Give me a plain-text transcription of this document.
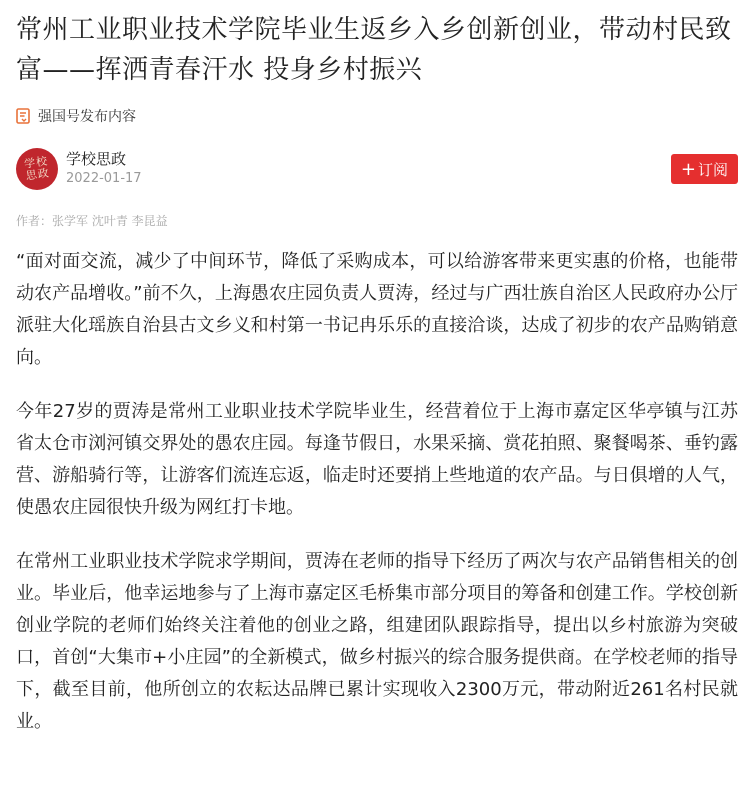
常州工业职业技术学院毕业生返乡入乡创新创业，带动村民致富——挥洒青春汗水 投身乡村振兴
强国号发布内容
学校思政
学校思政
2022-01-17	+ 订阅
作者：张学军 沈叶青 李昆益

“面对面交流，减少了中间环节，降低了采购成本，可以给游客带来更实惠的价格，也能带动农产品增收。”前不久，上海愚农庄园负责人贾涛，经过与广西壮族自治区人民政府办公厅派驻大化瑶族自治县古文乡义和村第一书记冉乐乐的直接洽谈，达成了初步的农产品购销意向。

今年27岁的贾涛是常州工业职业技术学院毕业生，经营着位于上海市嘉定区华亭镇与江苏省太仓市浏河镇交界处的愚农庄园。每逢节假日，水果采摘、赏花拍照、聚餐喝茶、垂钓露营、游船骑行等，让游客们流连忘返，临走时还要捎上些地道的农产品。与日俱增的人气，使愚农庄园很快升级为网红打卡地。

在常州工业职业技术学院求学期间，贾涛在老师的指导下经历了两次与农产品销售相关的创业。毕业后，他幸运地参与了上海市嘉定区毛桥集市部分项目的筹备和创建工作。学校创新创业学院的老师们始终关注着他的创业之路，组建团队跟踪指导，提出以乡村旅游为突破口，首创“大集市+小庄园”的全新模式，做乡村振兴的综合服务提供商。在学校老师的指导下，截至目前，他所创立的农耘达品牌已累计实现收入2300万元，带动附近261名村民就业。
